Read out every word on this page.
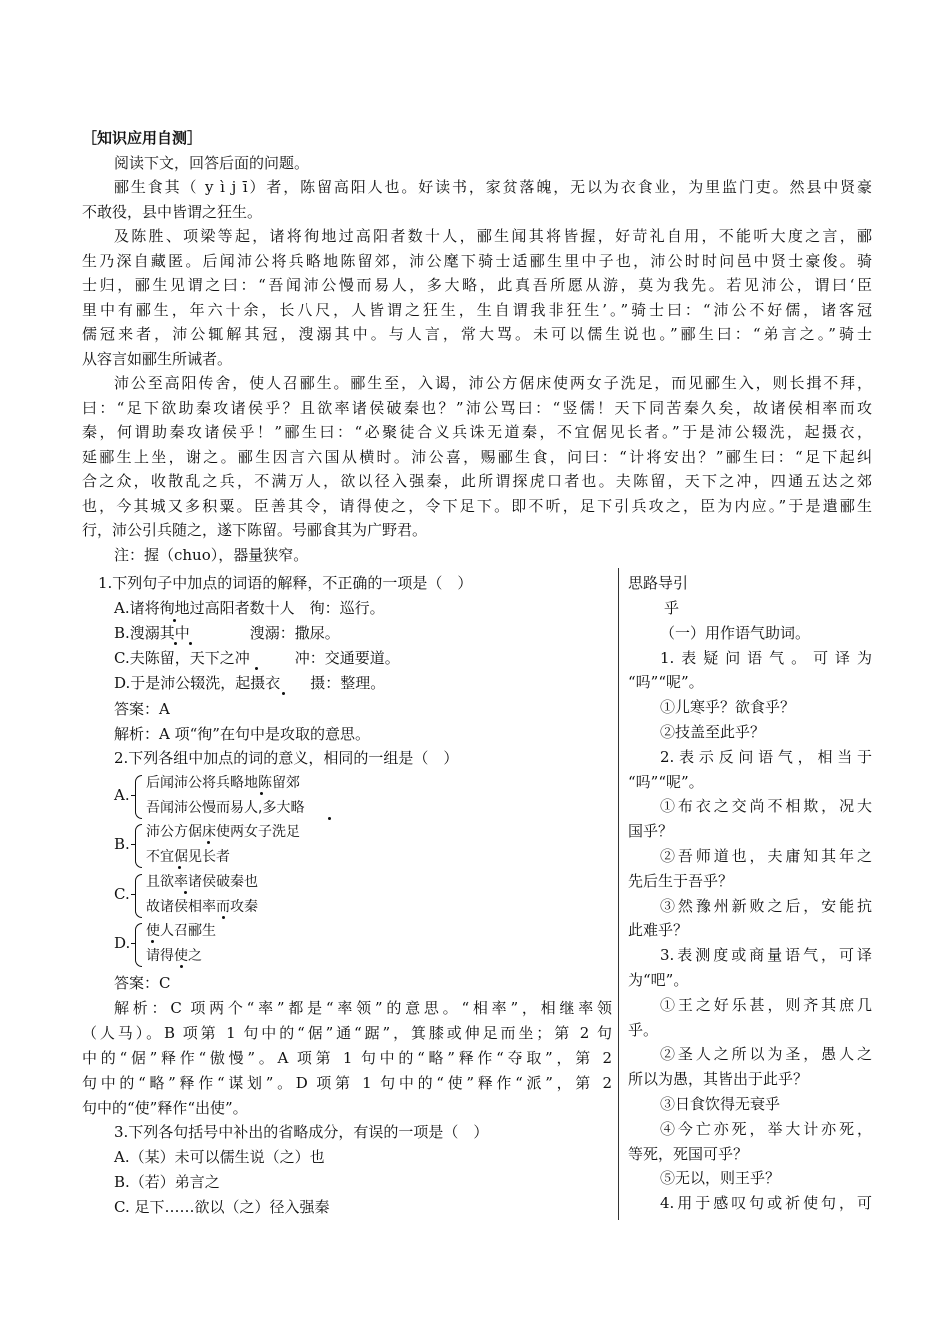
［知识应用自测］
阅读下文，回答后面的问题。
郦生食其（ y ì j ī）者，陈留高阳人也。好读书，家贫落魄，无以为衣食业，为里监门吏。然县中贤豪
不敢役，县中皆谓之狂生。
及陈胜、项梁等起，诸将徇地过高阳者数十人，郦生闻其将皆握，好苛礼自用，不能听大度之言，郦
生乃深自藏匿。后闻沛公将兵略地陈留郊，沛公麾下骑士适郦生里中子也，沛公时时问邑中贤士豪俊。骑
士归，郦生见谓之曰：“吾闻沛公慢而易人，多大略，此真吾所愿从游，莫为我先。若见沛公，谓曰‘臣
里中有郦生，年六十余，长八尺，人皆谓之狂生，生自谓我非狂生’。”骑士曰：“沛公不好儒，诸客冠
儒冠来者，沛公辄解其冠，溲溺其中。与人言，常大骂。未可以儒生说也。”郦生曰：“弟言之。”骑士
从容言如郦生所诫者。
沛公至高阳传舍，使人召郦生。郦生至，入谒，沛公方倨床使两女子洗足，而见郦生入，则长揖不拜，
曰：“足下欲助秦攻诸侯乎？且欲率诸侯破秦也？”沛公骂曰：“竖儒！天下同苦秦久矣，故诸侯相率而攻
秦，何谓助秦攻诸侯乎！”郦生曰：“必聚徒合义兵诛无道秦，不宜倨见长者。”于是沛公辍洗，起摄衣，
延郦生上坐，谢之。郦生因言六国从横时。沛公喜，赐郦生食，问曰：“计将安出？”郦生曰：“足下起纠
合之众，收散乱之兵，不满万人，欲以径入强秦，此所谓探虎口者也。夫陈留，天下之冲，四通五达之郊
也，今其城又多积粟。臣善其令，请得使之，令下足下。即不听，足下引兵攻之，臣为内应。”于是遣郦生
行，沛公引兵随之，遂下陈留。号郦食其为广野君。
注：握（chuo），器量狭窄。
1.下列句子中加点的词语的解释，不正确的一项是（　）
A.诸将徇地过高阳者数十人　徇：巡行。
B.溲溺其中　　　　溲溺：撒尿。
C.夫陈留，天下之冲　　　冲：交通要道。
D.于是沛公辍洗，起摄衣　　摄：整理。
答案：A
解析：A 项“徇”在句中是攻取的意思。
2.下列各组中加点的词的意义，相同的一组是（　）
A.
后闻沛公将兵略地陈留郊
吾闻沛公慢而易人,多大略
B.
沛公方倨床使两女子洗足
不宜倨见长者
C.
且欲率诸侯破秦也
故诸侯相率而攻秦
D.
使人召郦生
请得使之
答案：C
解析：C 项两个“率”都是“率领”的意思。“相率”，相继率领
（人马）。B 项第 1 句中的“倨”通“踞”，箕膝或伸足而坐；第 2 句
中的“倨”释作“傲慢”。A 项第 1 句中的“略”释作“夺取”，第 2
句中的“略”释作“谋划”。D 项第 1 句中的“使”释作“派”，第 2
句中的“使”释作“出使”。
3.下列各句括号中补出的省略成分，有误的一项是（　）
A.（某）未可以儒生说（之）也
B.（若）弟言之
C. 足下……欲以（之）径入强秦
思路导引
乎
（一）用作语气助词。
1.表疑问语气。可译为
“吗”“呢”。
①儿寒乎？欲食乎？
②技盖至此乎？
2.表示反问语气，相当于
“吗”“呢”。
①布衣之交尚不相欺，况大
国乎？
②吾师道也，夫庸知其年之
先后生于吾乎？
③然豫州新败之后，安能抗
此难乎？
3.表测度或商量语气，可译
为“吧”。
①王之好乐甚，则齐其庶几
乎。
②圣人之所以为圣，愚人之
所以为愚，其皆出于此乎？
③日食饮得无衰乎
④今亡亦死，举大计亦死，
等死，死国可乎？
⑤无以，则王乎？
4.用于感叹句或祈使句，可
